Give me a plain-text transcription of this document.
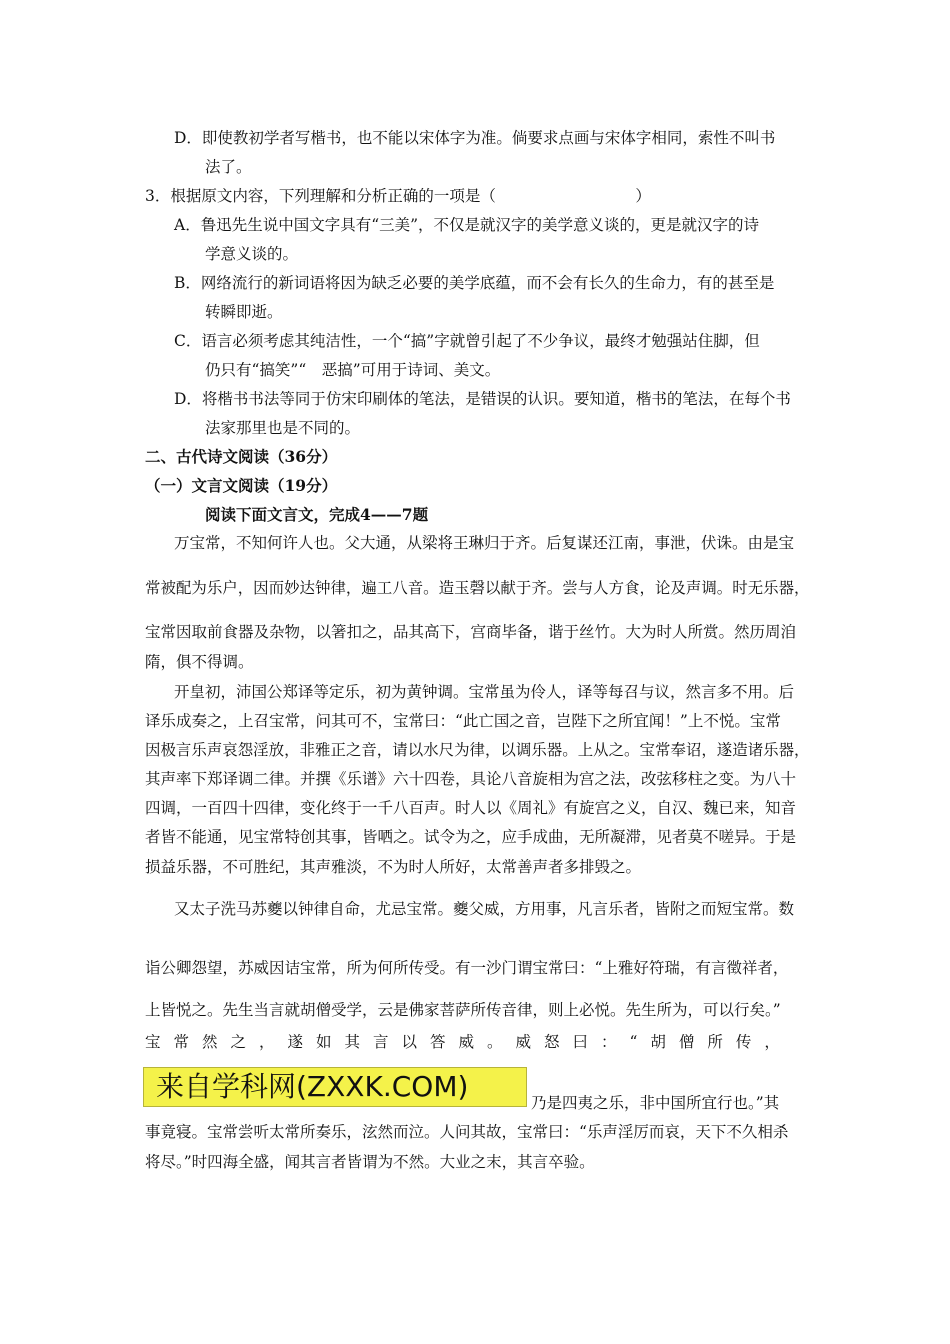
D．即使教初学者写楷书，也不能以宋体字为准。倘要求点画与宋体字相同，索性不叫书
法了。
3．根据原文内容，下列理解和分析正确的一项是（　　　　　　　　　）
A．鲁迅先生说中国文字具有“三美”，不仅是就汉字的美学意义谈的，更是就汉字的诗
学意义谈的。
B．网络流行的新词语将因为缺乏必要的美学底蕴，而不会有长久的生命力，有的甚至是
转瞬即逝。
C．语言必须考虑其纯洁性，一个“搞”字就曾引起了不少争议，最终才勉强站住脚，但
仍只有“搞笑”“　恶搞”可用于诗词、美文。
D．将楷书书法等同于仿宋印刷体的笔法，是错误的认识。要知道，楷书的笔法，在每个书
法家那里也是不同的。
二、古代诗文阅读（36分）
（一）文言文阅读（19分）
阅读下面文言文，完成4——7题
万宝常，不知何许人也。父大通，从梁将王琳归于齐。后复谋还江南，事泄，伏诛。由是宝
常被配为乐户，因而妙达钟律，遍工八音。造玉磬以献于齐。尝与人方食，论及声调。时无乐器，
宝常因取前食器及杂物，以箸扣之，品其高下，宫商毕备，谐于丝竹。大为时人所赏。然历周洎
隋，俱不得调。
开皇初，沛国公郑译等定乐，初为黄钟调。宝常虽为伶人，译等每召与议，然言多不用。后
译乐成奏之，上召宝常，问其可不，宝常曰：“此亡国之音，岂陛下之所宜闻！”上不悦。宝常
因极言乐声哀怨淫放，非雅正之音，请以水尺为律，以调乐器。上从之。宝常奉诏，遂造诸乐器，
其声率下郑译调二律。并撰《乐谱》六十四卷，具论八音旋相为宫之法，改弦移柱之变。为八十
四调，一百四十四律，变化终于一千八百声。时人以《周礼》有旋宫之义，自汉、魏已来，知音
者皆不能通，见宝常特创其事，皆哂之。试令为之，应手成曲，无所凝滞，见者莫不嗟异。于是
损益乐器，不可胜纪，其声雅淡，不为时人所好，太常善声者多排毁之。
又太子洗马苏夔以钟律自命，尤忌宝常。夔父威，方用事，凡言乐者，皆附之而短宝常。数
诣公卿怨望，苏威因诘宝常，所为何所传受。有一沙门谓宝常曰：“上雅好符瑞，有言徵祥者，
上皆悦之。先生当言就胡僧受学，云是佛家菩萨所传音律，则上必悦。先生所为，可以行矣。”
宝常然之，遂如其言以答威。威怒曰：“胡僧所传，
来自学科网(ZXXK.COM)	乃是四夷之乐，非中国所宜行也。”其
事竟寝。宝常尝听太常所奏乐，泫然而泣。人问其故，宝常曰：“乐声淫厉而哀，天下不久相杀
将尽。”时四海全盛，闻其言者皆谓为不然。大业之末，其言卒验。
